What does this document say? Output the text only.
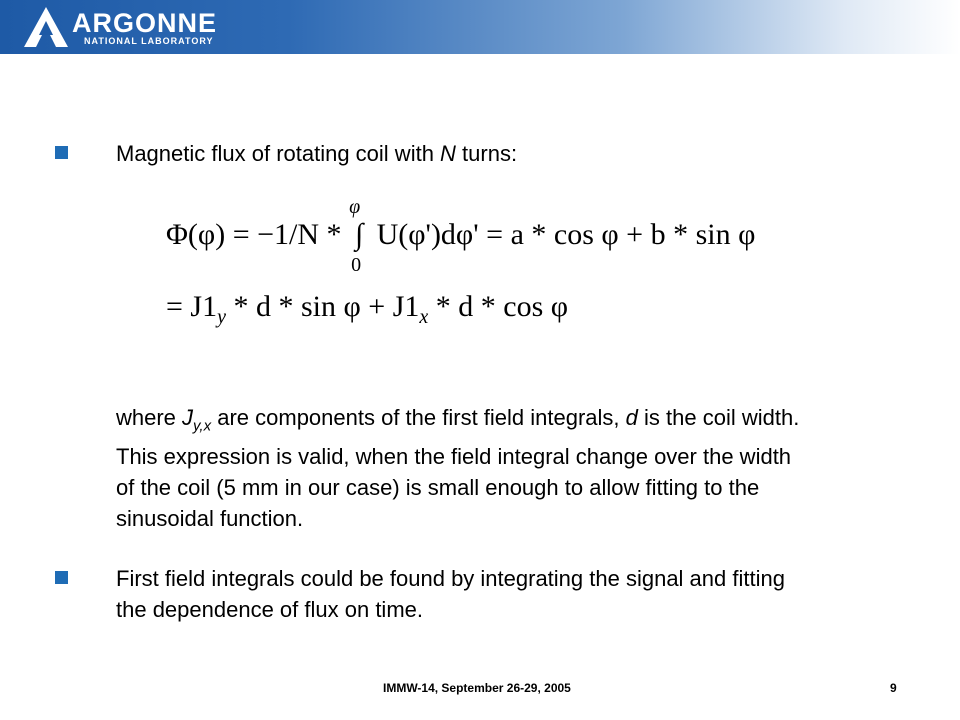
ARGONNE
NATIONAL LABORATORY
Magnetic flux of rotating coil with N turns:
Φ(φ) = −1/N *
φ
∫
0
U(φ')dφ' = a * cos φ + b * sin φ
= $J1_y * d * \sin \varphi + J1_x * d * \cos \varphi$
where $J_{y,x}$ are components of the first field integrals, d is the coil width.
This expression is valid, when the field integral change over the width
of the coil (5 mm in our case) is small enough to allow fitting to the
sinusoidal function.
First field integrals could be found by integrating the signal and fitting
the dependence of flux on time.
IMMW-14, September 26-29, 2005	9
